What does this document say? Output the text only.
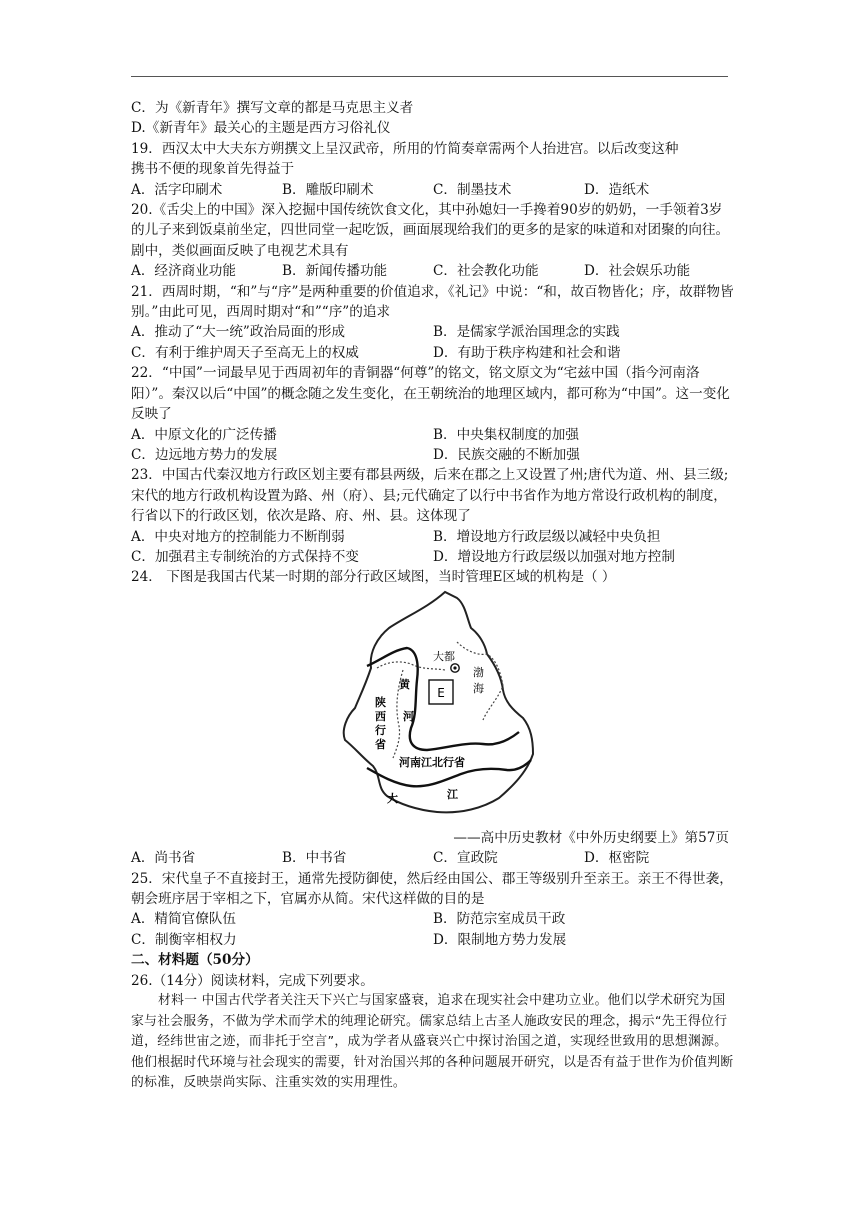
C．为《新青年》撰写文章的都是马克思主义者
D.《新青年》最关心的主题是西方习俗礼仪
19．西汉太中大夫东方朔撰文上呈汉武帝，所用的竹简奏章需两个人抬进宫。以后改变这种
携书不便的现象首先得益于
A．活字印刷术	B．雕版印刷术	C．制墨技术	D．造纸术
20.《舌尖上的中国》深入挖掘中国传统饮食文化，其中孙媳妇一手搀着90岁的奶奶，一手领着3岁的儿子来到饭桌前坐定，四世同堂一起吃饭，画面展现给我们的更多的是家的味道和对团聚的向往。剧中，类似画面反映了电视艺术具有
A．经济商业功能	B．新闻传播功能	C．社会教化功能	D．社会娱乐功能
21．西周时期，“和”与“序”是两种重要的价值追求，《礼记》中说：“和，故百物皆化；序，故群物皆别。”由此可见，西周时期对“和”“序”的追求
A．推动了“大一统”政治局面的形成	B．是儒家学派治国理念的实践
C．有利于维护周天子至高无上的权威	D．有助于秩序构建和社会和谐
22．“中国”一词最早见于西周初年的青铜器“何尊”的铭文，铭文原文为“宅兹中国（指今河南洛阳）”。秦汉以后“中国”的概念随之发生变化，在王朝统治的地理区域内，都可称为“中国”。这一变化反映了
A．中原文化的广泛传播	B．中央集权制度的加强
C．边远地方势力的发展	D．民族交融的不断加强
23．中国古代秦汉地方行政区划主要有郡县两级，后来在郡之上又设置了州;唐代为道、州、县三级;宋代的地方行政机构设置为路、州（府）、县;元代确定了以行中书省作为地方常设行政机构的制度，行省以下的行政区划，依次是路、府、州、县。这体现了
A．中央对地方的控制能力不断削弱	B．增设地方行政层级以减轻中央负担
C．加强君主专制统治的方式保持不变	D．增设地方行政层级以加强对地方控制
24． 下图是我国古代某一时期的部分行政区域图，当时管理E区域的机构是（ ）
E
大都
渤
海
黄
河
陕
西
行
省
河南江北行省
大	江
——高中历史教材《中外历史纲要上》第57页
A．尚书省	B．中书省	C．宣政院	D．枢密院
25．宋代皇子不直接封王，通常先授防御使，然后经由国公、郡王等级别升至亲王。亲王不得世袭，朝会班序居于宰相之下，官属亦从简。宋代这样做的目的是
A．精简官僚队伍	B．防范宗室成员干政
C．制衡宰相权力	D．限制地方势力发展
二、材料题（50分）
26.（14分）阅读材料，完成下列要求。
材料一 中国古代学者关注天下兴亡与国家盛衰，追求在现实社会中建功立业。他们以学术研究为国家与社会服务，不做为学术而学术的纯理论研究。儒家总结上古圣人施政安民的理念，揭示“先王得位行道，经纬世宙之迹，而非托于空言”，成为学者从盛衰兴亡中探讨治国之道，实现经世致用的思想渊源。他们根据时代环境与社会现实的需要，针对治国兴邦的各种问题展开研究，以是否有益于世作为价值判断的标准，反映崇尚实际、注重实效的实用理性。
